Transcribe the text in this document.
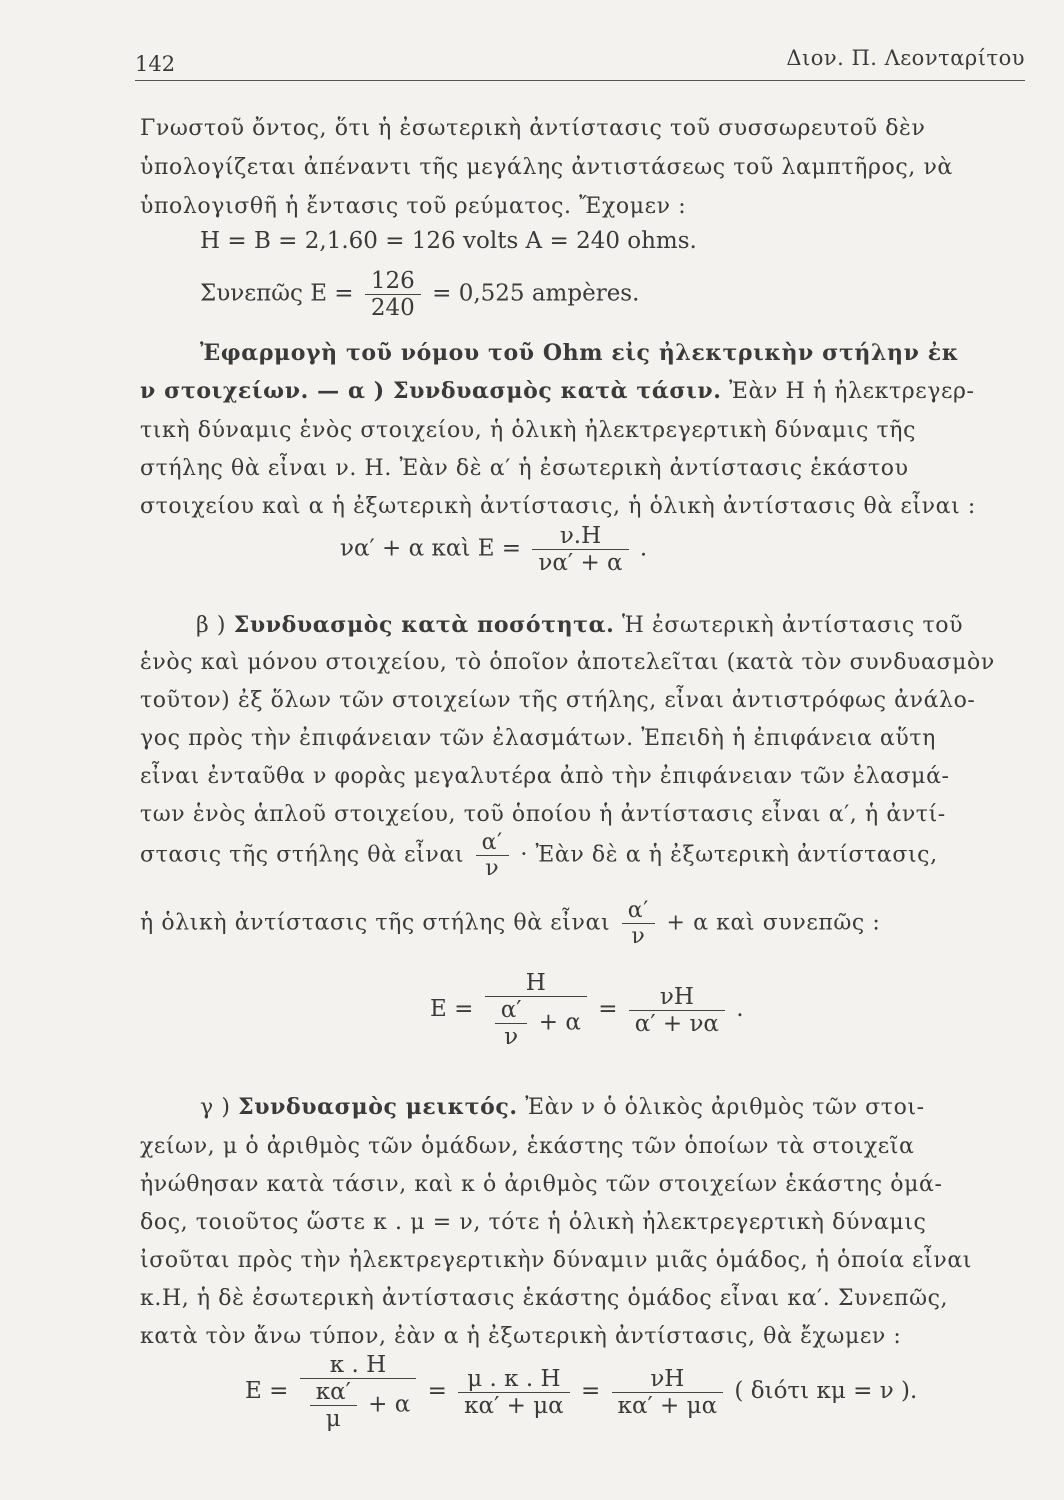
142	Διον. Π. Λεονταρίτου
Γνωστοῦ ὄντος, ὅτι ἡ ἐσωτερικὴ ἀντίστασις τοῦ συσσωρευτοῦ δὲν
ὑπολογίζεται ἀπέναντι τῆς μεγάλης ἀντιστάσεως τοῦ λαμπτῆρος, νὰ
ὑπολογισθῆ ἡ ἔντασις τοῦ ρεύματος. Ἔχομεν :
H = B = 2,1.60 = 126 volts A = 240 ohms.
Συνεπῶς $E = \frac{126}{240} = 0,525$ ampères.
Ἐφαρμογὴ τοῦ νόμου τοῦ Ohm εἰς ἠλεκτρικὴν στήλην ἐκ
ν στοιχείων. — α ) Συνδυασμὸς κατὰ τάσιν. Ἐὰν H ἡ ἠλεκτρεγερ-
τικὴ δύναμις ἑνὸς στοιχείου, ἡ ὁλικὴ ἠλεκτρεγερτικὴ δύναμις τῆς
στήλης θὰ εἶναι ν. H. Ἐὰν δὲ α′ ἡ ἐσωτερικὴ ἀντίστασις ἑκάστου
στοιχείου καὶ α ἡ ἐξωτερικὴ ἀντίστασις, ἡ ὁλικὴ ἀντίστασις θὰ εἶναι :
να′ + α καὶ $E = \frac{\nu.H}{\nu\alpha' + \alpha}$ .
β ) Συνδυασμὸς κατὰ ποσότητα. Ἡ ἐσωτερικὴ ἀντίστασις τοῦ
ἑνὸς καὶ μόνου στοιχείου, τὸ ὁποῖον ἀποτελεῖται (κατὰ τὸν συνδυασμὸν
τοῦτον) ἐξ ὅλων τῶν στοιχείων τῆς στήλης, εἶναι ἀντιστρόφως ἀνάλο-
γος πρὸς τὴν ἐπιφάνειαν τῶν ἐλασμάτων. Ἐπειδὴ ἡ ἐπιφάνεια αὕτη
εἶναι ἐνταῦθα ν φορὰς μεγαλυτέρα ἀπὸ τὴν ἐπιφάνειαν τῶν ἐλασμά-
των ἑνὸς ἁπλοῦ στοιχείου, τοῦ ὁποίου ἡ ἀντίστασις εἶναι α′, ἡ ἀντί-
στασις τῆς στήλης θὰ εἶναι $\frac{\alpha'}{\nu}$ · Ἐὰν δὲ α ἡ ἐξωτερικὴ ἀντίστασις,
ἡ ὁλικὴ ἀντίστασις τῆς στήλης θὰ εἶναι $\frac{\alpha'}{\nu} + \alpha$ καὶ συνεπῶς :
$E = \frac{H}{\frac{\alpha'}{\nu} + \alpha} = \frac{\nu H}{\alpha' + \nu\alpha}$ .
γ ) Συνδυασμὸς μεικτός. Ἐὰν ν ὁ ὁλικὸς ἀριθμὸς τῶν στοι-
χείων, μ ὁ ἀριθμὸς τῶν ὁμάδων, ἑκάστης τῶν ὁποίων τὰ στοιχεῖα
ἠνώθησαν κατὰ τάσιν, καὶ κ ὁ ἀριθμὸς τῶν στοιχείων ἑκάστης ὁμά-
δος, τοιοῦτος ὥστε κ . μ = ν, τότε ἡ ὁλικὴ ἠλεκτρεγερτικὴ δύναμις
ἰσοῦται πρὸς τὴν ἠλεκτρεγερτικὴν δύναμιν μιᾶς ὁμάδος, ἡ ὁποία εἶναι
κ.H, ἡ δὲ ἐσωτερικὴ ἀντίστασις ἑκάστης ὁμάδος εἶναι κα′. Συνεπῶς,
κατὰ τὸν ἄνω τύπον, ἐὰν α ἡ ἐξωτερικὴ ἀντίστασις, θὰ ἔχωμεν :
$E = \frac{\kappa . H}{\frac{\kappa\alpha'}{\mu} + \alpha} = \frac{\mu . \kappa . H}{\kappa\alpha' + \mu\alpha} = \frac{\nu H}{\kappa\alpha' + \mu\alpha}$ ( διότι κμ = ν ).
